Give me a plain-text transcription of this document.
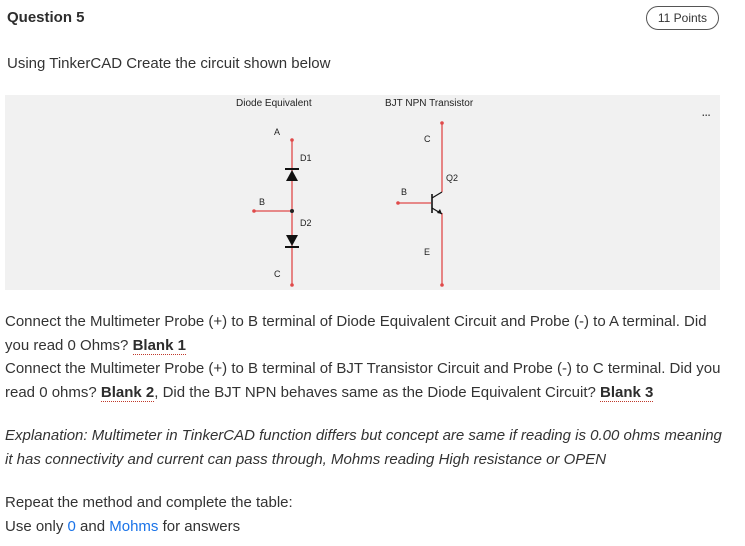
Question 5	11 Points
Using TinkerCAD Create the circuit shown below
Diode Equivalent	BJT NPN Transistor
A
D1
B
D2
C
C
Q2
B
E
...
Connect the Multimeter Probe (+) to B terminal of Diode Equivalent Circuit and Probe (-) to A terminal. Did you read 0 Ohms? Blank 1
Connect the Multimeter Probe (+) to B terminal of BJT Transistor Circuit and Probe (-) to C terminal. Did you read 0 ohms? Blank 2, Did the BJT NPN behaves same as the Diode Equivalent Circuit? Blank 3
Explanation: Multimeter in TinkerCAD function differs but concept are same if reading is 0.00 ohms meaning it has connectivity and current can pass through, Mohms reading High resistance or OPEN
Repeat the method and complete the table:
Use only 0 and Mohms for answers
